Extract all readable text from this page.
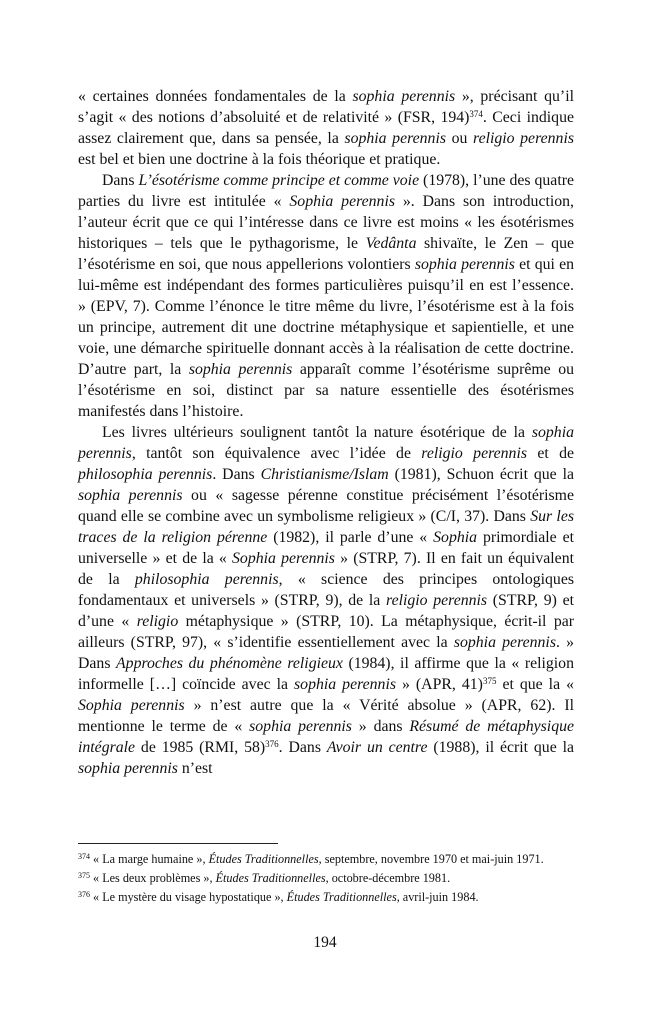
« certaines données fondamentales de la sophia perennis », précisant qu’il s’agit « des notions d’absoluité et de relativité » (FSR, 194)$^{374}$. Ceci indique assez clairement que, dans sa pensée, la sophia perennis ou religio perennis est bel et bien une doctrine à la fois théorique et pratique.

Dans L’ésotérisme comme principe et comme voie (1978), l’une des quatre parties du livre est intitulée « Sophia perennis ». Dans son introduction, l’auteur écrit que ce qui l’intéresse dans ce livre est moins « les ésotérismes historiques – tels que le pythagorisme, le Vedânta shivaïte, le Zen – que l’ésotérisme en soi, que nous appellerions volontiers sophia perennis et qui en lui-même est indépendant des formes particulières puisqu’il en est l’essence. » (EPV, 7). Comme l’énonce le titre même du livre, l’ésotérisme est à la fois un principe, autrement dit une doctrine métaphysique et sapientielle, et une voie, une démarche spirituelle donnant accès à la réalisation de cette doctrine. D’autre part, la sophia perennis apparaît comme l’ésotérisme suprême ou l’ésotérisme en soi, distinct par sa nature essentielle des ésotérismes manifestés dans l’histoire.

Les livres ultérieurs soulignent tantôt la nature ésotérique de la sophia perennis, tantôt son équivalence avec l’idée de religio perennis et de philosophia perennis. Dans Christianisme/Islam (1981), Schuon écrit que la sophia perennis ou « sagesse pérenne constitue précisément l’ésotérisme quand elle se combine avec un symbolisme religieux » (C/I, 37). Dans Sur les traces de la religion pérenne (1982), il parle d’une « Sophia primordiale et universelle » et de la « Sophia perennis » (STRP, 7). Il en fait un équivalent de la philosophia perennis, « science des principes ontologiques fondamentaux et universels » (STRP, 9), de la religio perennis (STRP, 9) et d’une « religio métaphysique » (STRP, 10). La métaphysique, écrit-il par ailleurs (STRP, 97), « s’identifie essentiellement avec la sophia perennis. » Dans Approches du phénomène religieux (1984), il affirme que la « religion informelle […] coïncide avec la sophia perennis » (APR, 41)$^{375}$ et que la « Sophia perennis » n’est autre que la « Vérité absolue » (APR, 62). Il mentionne le terme de « sophia perennis » dans Résumé de métaphysique intégrale de 1985 (RMI, 58)$^{376}$. Dans Avoir un centre (1988), il écrit que la sophia perennis n’est

$^{374}$ « La marge humaine », Études Traditionnelles, septembre, novembre 1970 et mai-juin 1971.

$^{375}$ « Les deux problèmes », Études Traditionnelles, octobre-décembre 1981.

$^{376}$ « Le mystère du visage hypostatique », Études Traditionnelles, avril-juin 1984.

194
